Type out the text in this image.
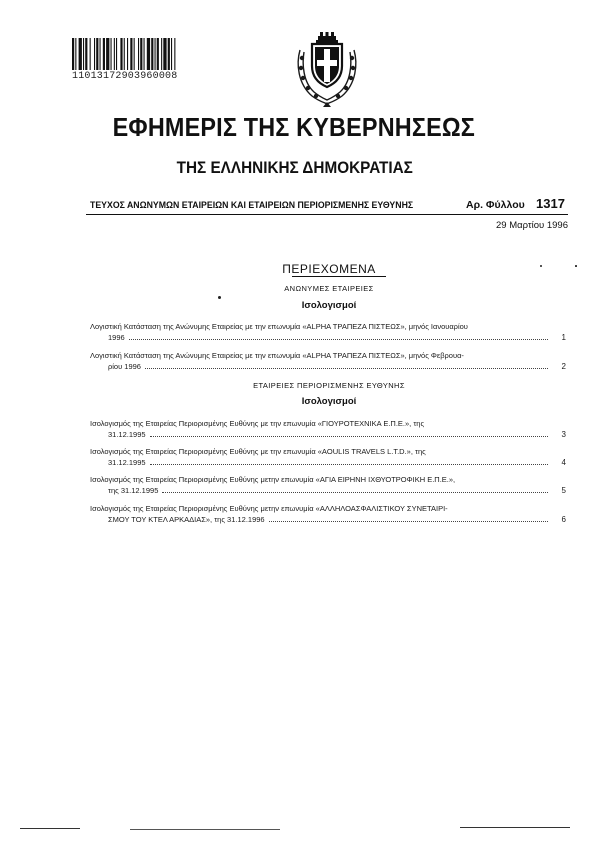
11013172903960008
ΕΦΗΜΕΡΙΣ ΤΗΣ ΚΥΒΕΡΝΗΣΕΩΣ
ΤΗΣ ΕΛΛΗΝΙΚΗΣ ΔΗΜΟΚΡΑΤΙΑΣ
ΤΕΥΧΟΣ ΑΝΩΝΥΜΩΝ ΕΤΑΙΡΕΙΩΝ ΚΑΙ ΕΤΑΙΡΕΙΩΝ ΠΕΡΙΟΡΙΣΜΕΝΗΣ ΕΥΘΥΝΗΣ	Αρ. Φύλλου 1317
29 Μαρτίου 1996
ΠΕΡΙΕΧΟΜΕΝΑ
ΑΝΩΝΥΜΕΣ ΕΤΑΙΡΕΙΕΣ
Ισολογισμοί
Λογιστική Κατάσταση της Ανώνυμης Εταιρείας με την επωνυμία «ALPHA ΤΡΑΠΕΖΑ ΠΙΣΤΕΩΣ», μηνός Ιανουαρίου
1996	1
Λογιστική Κατάσταση της Ανώνυμης Εταιρείας με την επωνυμία «ALPHA ΤΡΑΠΕΖΑ ΠΙΣΤΕΩΣ», μηνός Φεβρουα-
ρίου 1996	2
ΕΤΑΙΡΕΙΕΣ ΠΕΡΙΟΡΙΣΜΕΝΗΣ ΕΥΘΥΝΗΣ
Ισολογισμοί
Ισολογισμός της Εταιρείας Περιορισμένης Ευθύνης με την επωνυμία «ΓΙΟΥΡΟΤΕΧΝΙΚΑ Ε.Π.Ε.», της
31.12.1995	3
Ισολογισμός της Εταιρείας Περιορισμένης Ευθύνης με την επωνυμία «AOULIS TRAVELS L.T.D.», της
31.12.1995	4
Ισολογισμός της Εταιρείας Περιορισμένης Ευθύνης μετην επωνυμία «ΑΓΙΑ ΕΙΡΗΝΗ ΙΧΘΥΟΤΡΟΦΙΚΗ Ε.Π.Ε.»,
της 31.12.1995	5
Ισολογισμός της Εταιρείας Περιορισμένης Ευθύνης μετην επωνυμία «ΑΛΛΗΛΟΑΣΦΑΛΙΣΤΙΚΟΥ ΣΥΝΕΤΑΙΡΙ-
ΣΜΟΥ ΤΟΥ ΚΤΕΛ ΑΡΚΑΔΙΑΣ», της 31.12.1996	6
